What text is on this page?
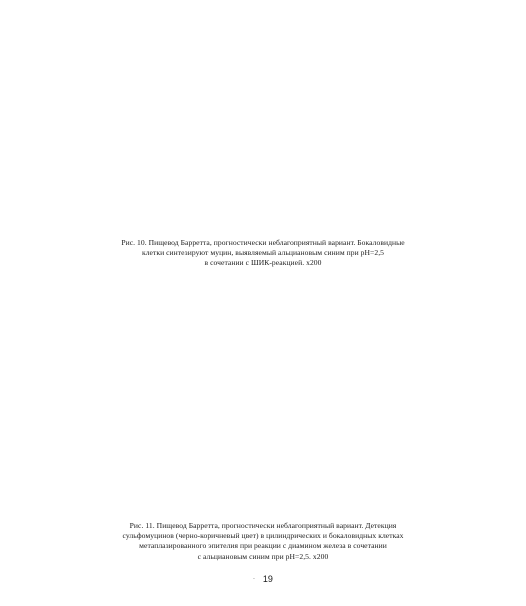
Рис. 10. Пищевод Барретта, прогностически неблагоприятный вариант. Бокаловидные
клетки синтезируют муцин, выявляемый альциановым синим при pH=2,5
в сочетании с ШИК-реакцией. х200
Рис. 11. Пищевод Барретта, прогностически неблагоприятный вариант. Детекция
сульфомуцинов (черно-коричневый цвет) в цилиндрических и бокаловидных клетках
метаплазированного эпителия при реакции с диамином железа в сочетании
с альциановым синим при pH=2,5. х200
- 19
